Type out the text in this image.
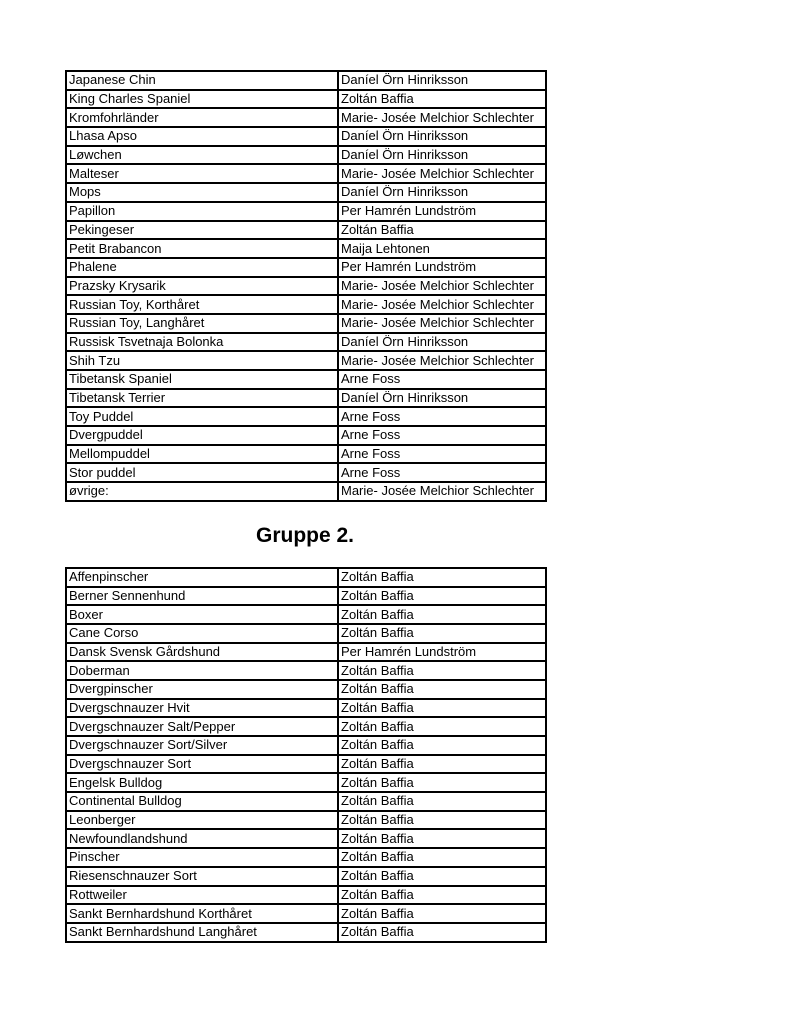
Japanese Chin	Daníel Örn Hinriksson
King Charles Spaniel	Zoltán Baffia
Kromfohrländer	Marie- Josée Melchior Schlechter
Lhasa Apso	Daníel Örn Hinriksson
Løwchen	Daníel Örn Hinriksson
Malteser	Marie- Josée Melchior Schlechter
Mops	Daníel Örn Hinriksson
Papillon	Per Hamrén Lundström
Pekingeser	Zoltán Baffia
Petit Brabancon	Maija Lehtonen
Phalene	Per Hamrén Lundström
Prazsky Krysarik	Marie- Josée Melchior Schlechter
Russian Toy, Korthåret	Marie- Josée Melchior Schlechter
Russian Toy, Langhåret	Marie- Josée Melchior Schlechter
Russisk Tsvetnaja Bolonka	Daníel Örn Hinriksson
Shih Tzu	Marie- Josée Melchior Schlechter
Tibetansk Spaniel	Arne Foss
Tibetansk Terrier	Daníel Örn Hinriksson
Toy Puddel	Arne Foss
Dvergpuddel	Arne Foss
Mellompuddel	Arne Foss
Stor puddel	Arne Foss
øvrige:	Marie- Josée Melchior Schlechter
Gruppe 2.
Affenpinscher	Zoltán Baffia
Berner Sennenhund	Zoltán Baffia
Boxer	Zoltán Baffia
Cane Corso	Zoltán Baffia
Dansk Svensk Gårdshund	Per Hamrén Lundström
Doberman	Zoltán Baffia
Dvergpinscher	Zoltán Baffia
Dvergschnauzer Hvit	Zoltán Baffia
Dvergschnauzer Salt/Pepper	Zoltán Baffia
Dvergschnauzer Sort/Silver	Zoltán Baffia
Dvergschnauzer Sort	Zoltán Baffia
Engelsk Bulldog	Zoltán Baffia
Continental Bulldog	Zoltán Baffia
Leonberger	Zoltán Baffia
Newfoundlandshund	Zoltán Baffia
Pinscher	Zoltán Baffia
Riesenschnauzer Sort	Zoltán Baffia
Rottweiler	Zoltán Baffia
Sankt Bernhardshund Korthåret	Zoltán Baffia
Sankt Bernhardshund Langhåret	Zoltán Baffia
